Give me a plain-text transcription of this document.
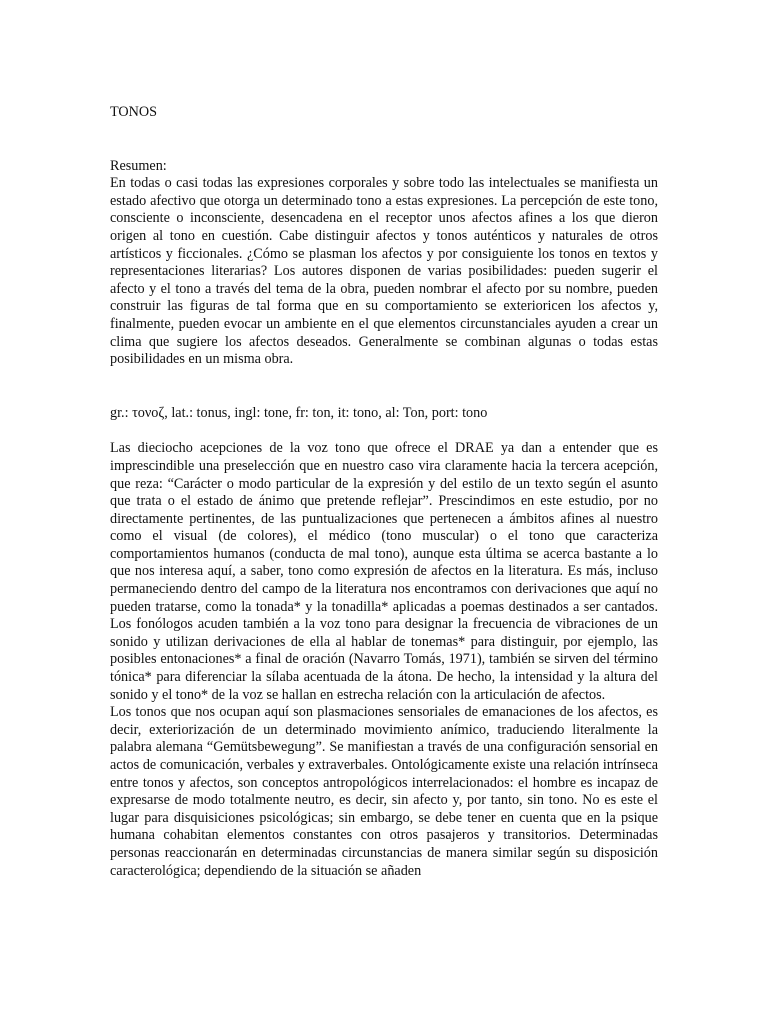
TONOS
Resumen:

En todas o casi todas las expresiones corporales y sobre todo las intelectuales se manifiesta un estado afectivo que otorga un determinado tono a estas expresiones. La percepción de este tono, consciente o inconsciente, desencadena en el receptor unos afectos afines a los que dieron origen al tono en cuestión. Cabe distinguir afectos y tonos auténticos y naturales de otros artísticos y ficcionales. ¿Cómo se plasman los afectos y por consiguiente los tonos en textos y representaciones literarias? Los autores disponen de varias posibilidades: pueden sugerir el afecto y el tono a través del tema de la obra, pueden nombrar el afecto por su nombre, pueden construir las figuras de tal forma que en su comportamiento se exterioricen los afectos y, finalmente, pueden evocar un ambiente en el que elementos circunstanciales ayuden a crear un clima que sugiere los afectos deseados. Generalmente se combinan algunas o todas estas posibilidades en un misma obra.

gr.: τονοζ, lat.: tonus, ingl: tone, fr: ton, it: tono, al: Ton, port: tono

Las dieciocho acepciones de la voz tono que ofrece el DRAE ya dan a entender que es imprescindible una preselección que en nuestro caso vira claramente hacia la tercera acepción, que reza: “Carácter o modo particular de la expresión y del estilo de un texto según el asunto que trata o el estado de ánimo que pretende reflejar”. Prescindimos en este estudio, por no directamente pertinentes, de las puntualizaciones que pertenecen a ámbitos afines al nuestro como el visual (de colores), el médico (tono muscular) o el tono que caracteriza comportamientos humanos (conducta de mal tono), aunque esta última se acerca bastante a lo que nos interesa aquí, a saber, tono como expresión de afectos en la literatura. Es más, incluso permaneciendo dentro del campo de la literatura nos encontramos con derivaciones que aquí no pueden tratarse, como la tonada* y la tonadilla* aplicadas a poemas destinados a ser cantados. Los fonólogos acuden también a la voz tono para designar la frecuencia de vibraciones de un sonido y utilizan derivaciones de ella al hablar de tonemas* para distinguir, por ejemplo, las posibles entonaciones* a final de oración (Navarro Tomás, 1971), también se sirven del término tónica* para diferenciar la sílaba acentuada de la átona. De hecho, la intensidad y la altura del sonido y el tono* de la voz se hallan en estrecha relación con la articulación de afectos.

Los tonos que nos ocupan aquí son plasmaciones sensoriales de emanaciones de los afectos, es decir, exteriorización de un determinado movimiento anímico, traduciendo literalmente la palabra alemana “Gemütsbewegung”. Se manifiestan a través de una configuración sensorial en actos de comunicación, verbales y extraverbales. Ontológicamente existe una relación intrínseca entre tonos y afectos, son conceptos antropológicos interrelacionados: el hombre es incapaz de expresarse de modo totalmente neutro, es decir, sin afecto y, por tanto, sin tono. No es este el lugar para disquisiciones psicológicas; sin embargo, se debe tener en cuenta que en la psique humana cohabitan elementos constantes con otros pasajeros y transitorios. Determinadas personas reaccionarán en determinadas circunstancias de manera similar según su disposición caracterológica; dependiendo de la situación se añaden
